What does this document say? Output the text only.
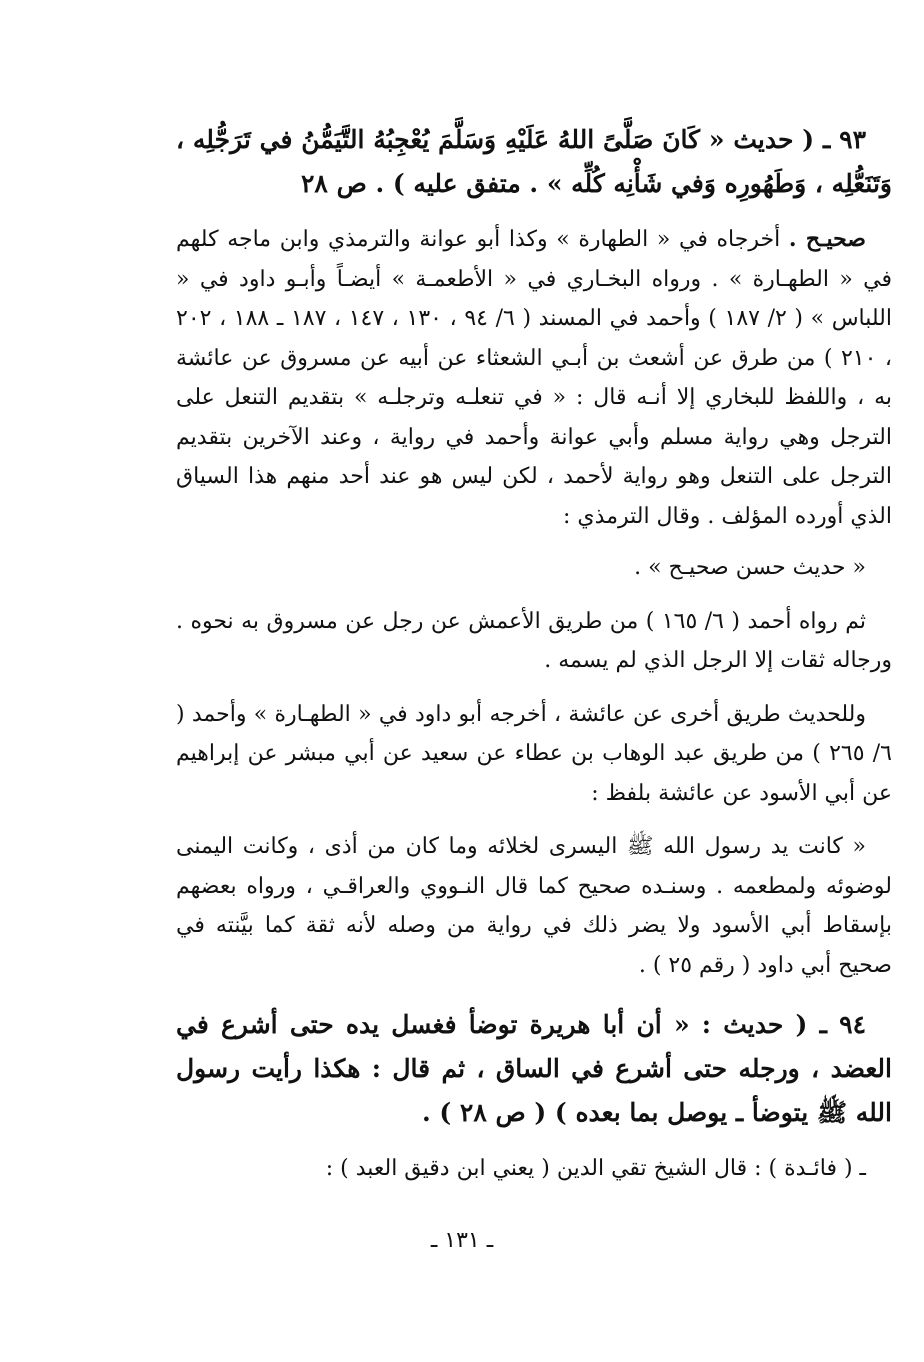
٩٣ ـ ( حديث « كَانَ صَلَّىً اللهُ عَلَيْهِ وَسَلَّمَ يُعْجِبُهُ التَّيَمُّنُ في تَرَجُّلِه ، وَتَنَعُّلِه ، وَطَهُورِه وَفي شَأْنِه كُلِّه » . متفق عليه ) . ص ٢٨

صحيـح . أخرجاه في « الطهارة » وكذا أبو عوانة والترمذي وابن ماجه كلهم في « الطهـارة » . ورواه البخـاري في « الأطعمـة » أيضـاً وأبـو داود في « اللباس » ( ٢/ ١٨٧ ) وأحمد في المسند ( ٦/ ٩٤ ، ١٣٠ ، ١٤٧ ، ١٨٧ ـ ١٨٨ ، ٢٠٢ ، ٢١٠ ) من طرق عن أشعث بن أبـي الشعثاء عن أبيه عن مسروق عن عائشة به ، واللفظ للبخاري إلا أنـه قال : « في تنعلـه وترجلـه » بتقديم التنعل على الترجل وهي رواية مسلم وأبي عوانة وأحمد في رواية ، وعند الآخرين بتقديم الترجل على التنعل وهو رواية لأحمد ، لكن ليس هو عند أحد منهم هذا السياق الذي أورده المؤلف . وقال الترمذي :

« حديث حسن صحيـح » .

ثم رواه أحمد ( ٦/ ١٦٥ ) من طريق الأعمش عن رجل عن مسروق به نحوه . ورجاله ثقات إلا الرجل الذي لم يسمه .

وللحديث طريق أخرى عن عائشة ، أخرجه أبو داود في « الطهـارة » وأحمد ( ٦/ ٢٦٥ ) من طريق عبد الوهاب بن عطاء عن سعيد عن أبي مبشر عن إبراهيم عن أبي الأسود عن عائشة بلفظ :

« كانت يد رسول الله ﷺ اليسرى لخلائه وما كان من أذى ، وكانت اليمنى لوضوئه ولمطعمه . وسنـده صحيح كما قال النـووي والعراقـي ، ورواه بعضهم بإسقاط أبي الأسود ولا يضر ذلك في رواية من وصله لأنه ثقة كما بيَّنته في صحيح أبي داود ( رقم ٢٥ ) .

٩٤ ـ ( حديث : « أن أبا هريرة توضأ فغسل يده حتى أشرع في العضد ، ورجله حتى أشرع في الساق ، ثم قال : هكذا رأيت رسول الله ﷺ يتوضأ ـ يوصل بما بعده ) ( ص ٢٨ ) .

ـ ( فائـدة ) : قال الشيخ تقي الدين ( يعني ابن دقيق العبد ) :

ـ ١٣١ ـ
